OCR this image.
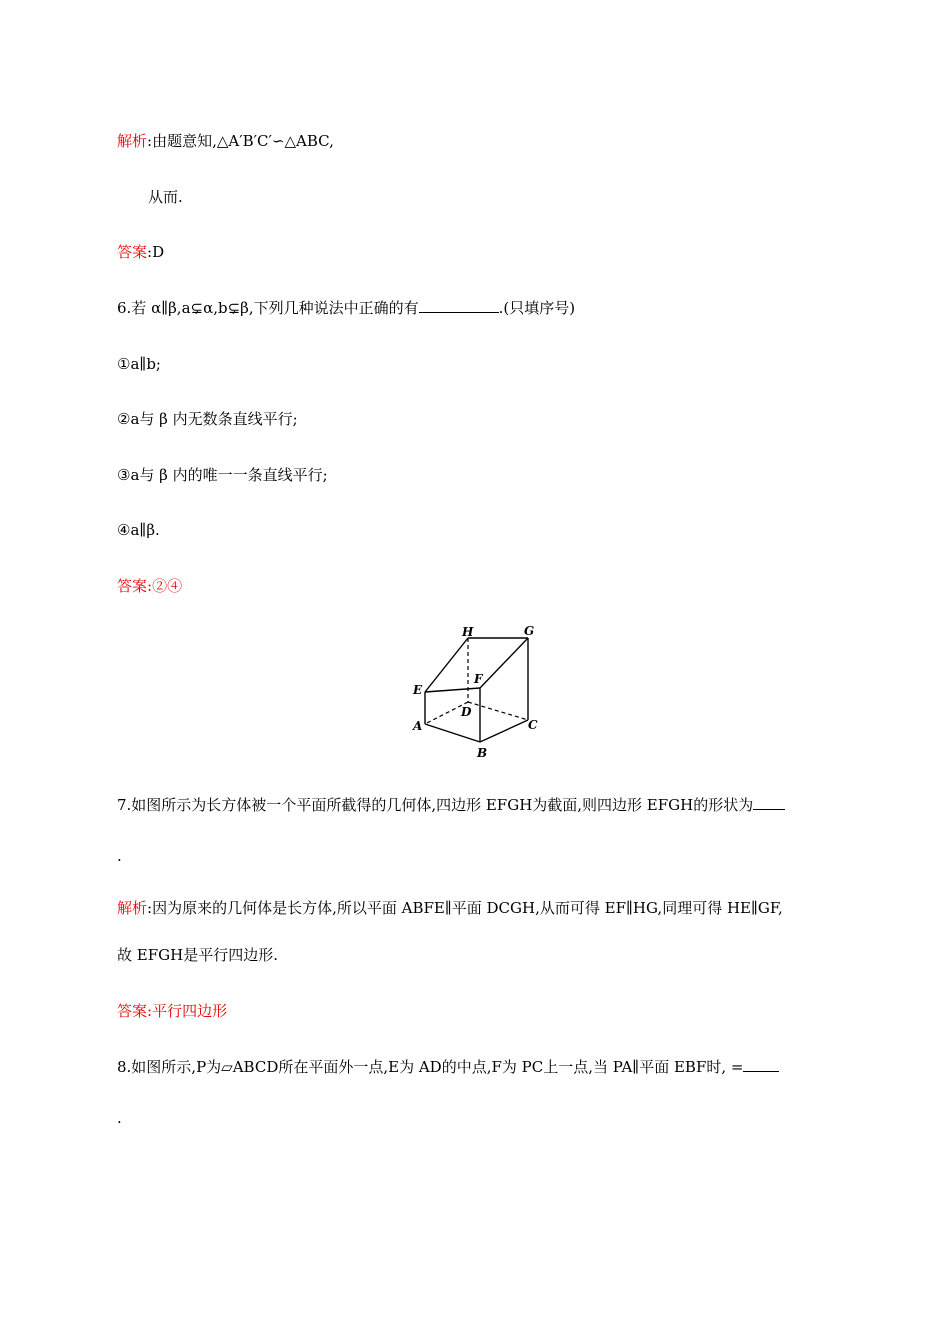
解析:由题意知,△A′B′C′∽△ABC,
从而.
答案:D
6.若 α∥β,a⊊α,b⊊β,下列几种说法中正确的有	.(只填序号)
①a∥b;
②a与 β 内无数条直线平行;
③a与 β 内的唯一一条直线平行;
④a∥β.
答案:②④
H	G
E
F
D
A	C
B
7.如图所示为长方体被一个平面所截得的几何体,四边形 EFGH为截面,则四边形 EFGH的形状为
.
解析:因为原来的几何体是长方体,所以平面 ABFE∥平面 DCGH,从而可得 EF∥HG,同理可得 HE∥GF,
故 EFGH是平行四边形.
答案:平行四边形
8.如图所示,P为▱ABCD所在平面外一点,E为 AD的中点,F为 PC上一点,当 PA∥平面 EBF时, =
.
